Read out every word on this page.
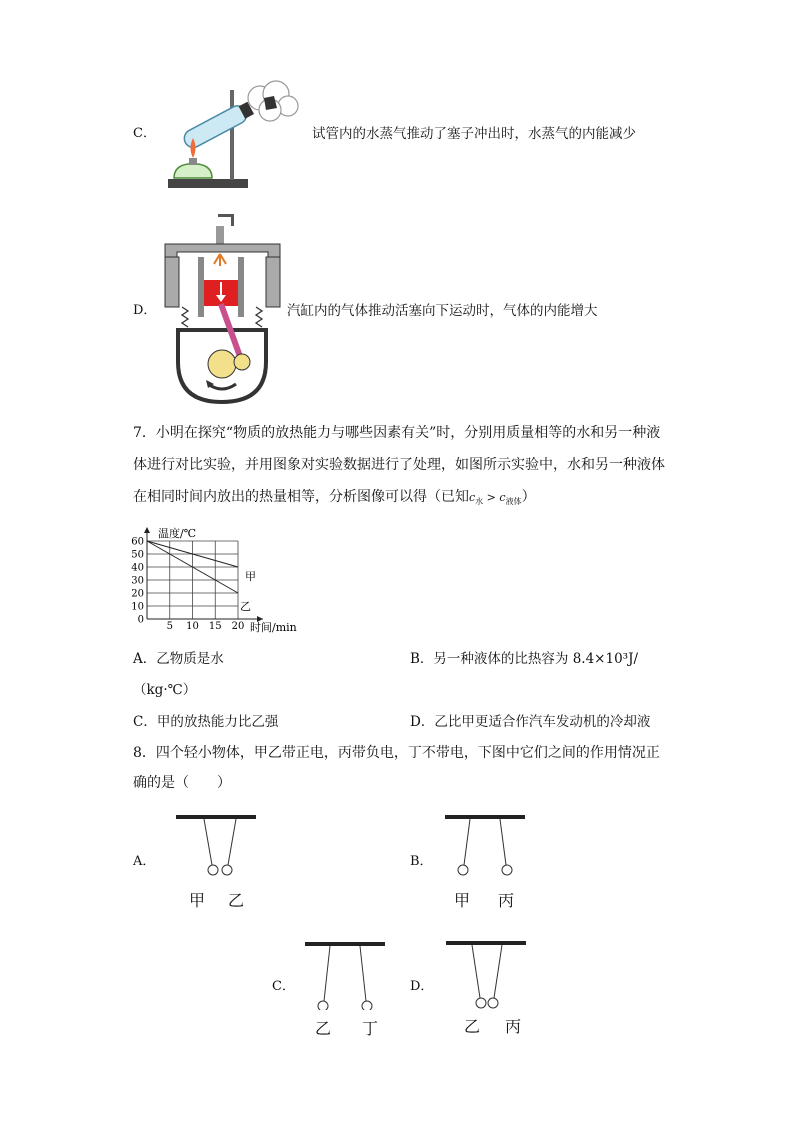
C．	试管内的水蒸气推动了塞子冲出时，水蒸气的内能减少
D．	汽缸内的气体推动活塞向下运动时，气体的内能增大
7．小明在探究“物质的放热能力与哪些因素有关”时，分别用质量相等的水和另一种液
体进行对比实验，并用图象对实验数据进行了处理，如图所示实验中，水和另一种液体
在相同时间内放出的热量相等，分析图像可以得（已知$c_水 > c_{液体}$）
60
50
40
30
20
10
0
5 10 15 20
温度/℃
时间/min
甲
乙
A．乙物质是水	B．另一种液体的比热容为 8.4×10³J/
（kg·℃）
C．甲的放热能力比乙强	D．乙比甲更适合作汽车发动机的冷却液
8．四个轻小物体，甲乙带正电，丙带负电，丁不带电，下图中它们之间的作用情况正
确的是（　　）
A．
甲 乙
B．
甲 丙
C．
乙 丁
D．
乙 丙
